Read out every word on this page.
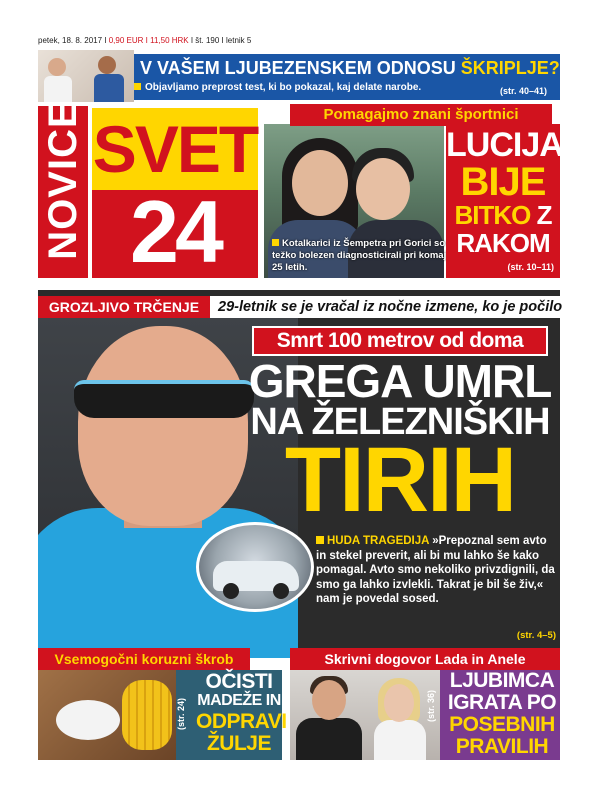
petek, 18. 8. 2017 I 0,90 EUR I 11,50 HRK I št. 190 I letnik 5
V VAŠEM LJUBEZENSKEM ODNOSU ŠKRIPLJE?
Objavljamo preprost test, ki bo pokazal, kaj delate narobe.	(str. 40–41)
NOVICE SVET
24
Pomagajmo znani športnici
Kotalkarici iz Šempetra pri Gorici so težko bolezen diagnosticirali pri komaj 25 letih.
LUCIJA
BIJE
BITKO Z
RAKOM
(str. 10–11)
GROZLJIVO TRČENJE	29-letnik se je vračal iz nočne izmene, ko je počilo
Smrt 100 metrov od doma
GREGA UMRL
NA ŽELEZNIŠKIH
TIRIH
HUDA TRAGEDIJA »Prepoznal sem avto in stekel preverit, ali bi mu lahko še kako pomagal. Avto smo nekoliko privzdignili, da smo ga lahko izvlekli. Takrat je bil še živ,« nam je povedal sosed.
(str. 4–5)
Vsemogočni koruzni škrob
(str. 24)
OČISTI
MADEŽE IN
ODPRAVI
ŽULJE
Skrivni dogovor Lada in Anele
(str. 36)
LJUBIMCA
IGRATA PO
POSEBNIH
PRAVILIH
